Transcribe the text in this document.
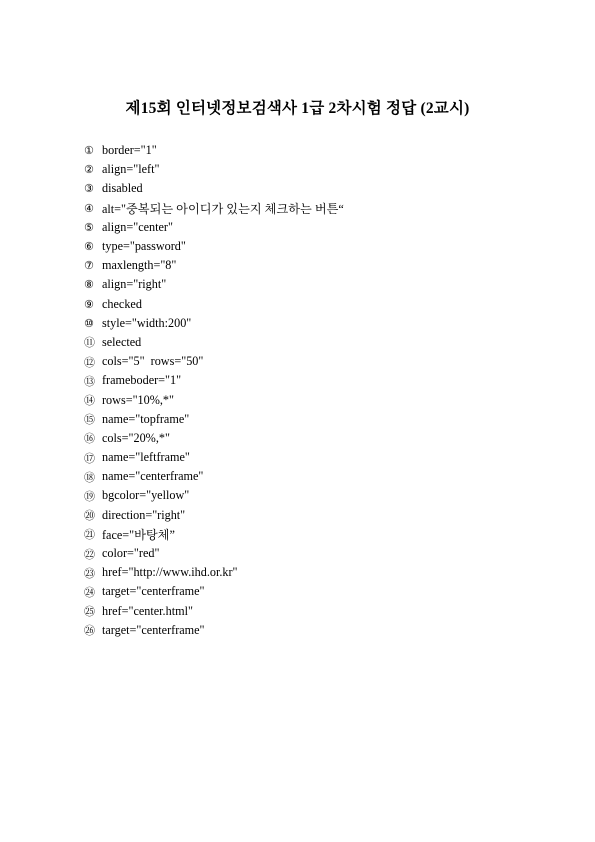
제15회 인터넷정보검색사 1급 2차시험 정답 (2교시)
① border="1"
② align="left"
③ disabled
④ alt="중복되는 아이디가 있는지 체크하는 버튼“
⑤ align="center"
⑥ type="password"
⑦ maxlength="8"
⑧ align="right"
⑨ checked
⑩ style="width:200"
⑪ selected
⑫ cols="5"  rows="50"
⑬ frameboder="1"
⑭ rows="10%,*"
⑮ name="topframe"
⑯ cols="20%,*"
⑰ name="leftframe"
⑱ name="centerframe"
⑲ bgcolor="yellow"
⑳ direction="right"
㉑ face="바탕체”
㉒ color="red"
㉓ href="http://www.ihd.or.kr"
㉔ target="centerframe"
㉕ href="center.html"
㉖ target="centerframe"
